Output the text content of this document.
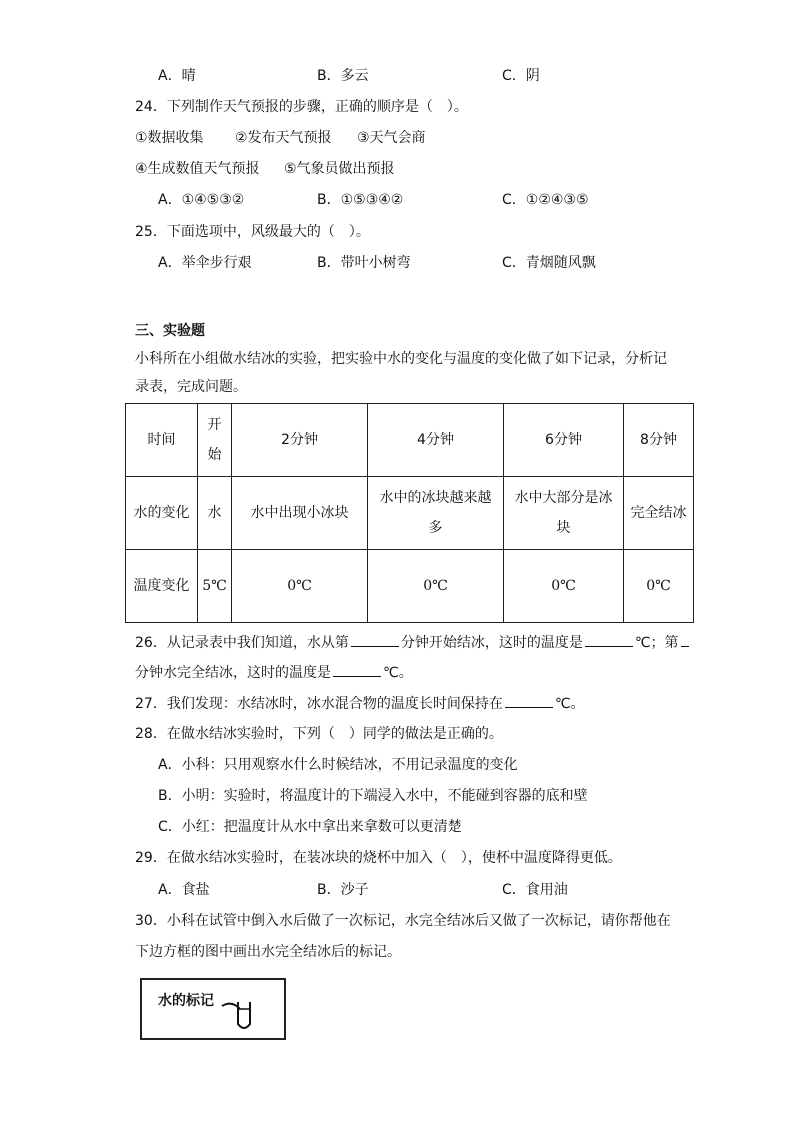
A．晴	B．多云	C．阴
24．下列制作天气预报的步骤，正确的顺序是（　）。
①数据收集 ②发布天气预报 ③天气会商
④生成数值天气预报 ⑤气象员做出预报
A．①④⑤③②	B．①⑤③④②	C．①②④③⑤
25．下面选项中，风级最大的（　）。
A．举伞步行艰	B．带叶小树弯	C．青烟随风飘
三、实验题
小科所在小组做水结冰的实验，把实验中水的变化与温度的变化做了如下记录，分析记
录表，完成问题。
时间	开始	2分钟	4分钟	6分钟	8分钟
水的变化	水	水中出现小冰块	水中的冰块越来越多	水中大部分是冰块	完全结冰
温度变化	5℃	0℃	0℃	0℃	0℃
26．从记录表中我们知道，水从第	分钟开始结冰，这时的温度是	℃；第
分钟水完全结冰，这时的温度是	℃。
27．我们发现：水结冰时，冰水混合物的温度长时间保持在	℃。
28．在做水结冰实验时，下列（　）同学的做法是正确的。
A．小科：只用观察水什么时候结冰，不用记录温度的变化
B．小明：实验时，将温度计的下端浸入水中，不能碰到容器的底和壁
C．小红：把温度计从水中拿出来拿数可以更清楚
29．在做水结冰实验时，在装冰块的烧杯中加入（　），使杯中温度降得更低。
A．食盐	B．沙子	C．食用油
30．小科在试管中倒入水后做了一次标记，水完全结冰后又做了一次标记，请你帮他在
下边方框的图中画出水完全结冰后的标记。
水的标记
